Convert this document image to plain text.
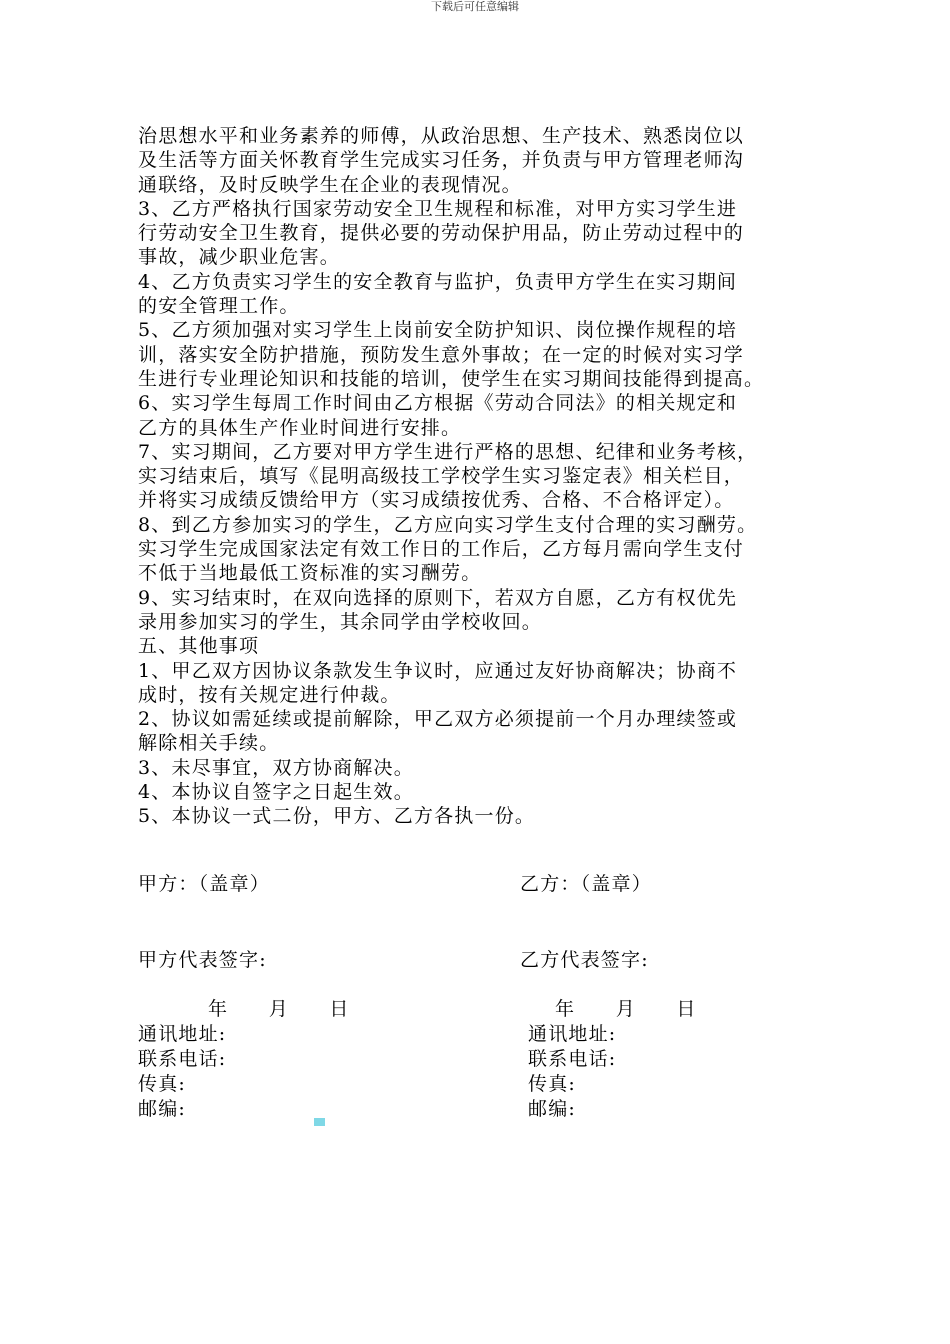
下载后可任意编辑
治思想水平和业务素养的师傅，从政治思想、生产技术、熟悉岗位以
及生活等方面关怀教育学生完成实习任务，并负责与甲方管理老师沟
通联络，及时反映学生在企业的表现情况。
3、乙方严格执行国家劳动安全卫生规程和标准，对甲方实习学生进
行劳动安全卫生教育，提供必要的劳动保护用品，防止劳动过程中的
事故，减少职业危害。
4、乙方负责实习学生的安全教育与监护，负责甲方学生在实习期间
的安全管理工作。
5、乙方须加强对实习学生上岗前安全防护知识、岗位操作规程的培
训，落实安全防护措施，预防发生意外事故；在一定的时候对实习学
生进行专业理论知识和技能的培训，使学生在实习期间技能得到提高。
6、实习学生每周工作时间由乙方根据《劳动合同法》的相关规定和
乙方的具体生产作业时间进行安排。
7、实习期间，乙方要对甲方学生进行严格的思想、纪律和业务考核，
实习结束后，填写《昆明高级技工学校学生实习鉴定表》相关栏目，
并将实习成绩反馈给甲方（实习成绩按优秀、合格、不合格评定）。
8、到乙方参加实习的学生，乙方应向实习学生支付合理的实习酬劳。
实习学生完成国家法定有效工作日的工作后，乙方每月需向学生支付
不低于当地最低工资标准的实习酬劳。
9、实习结束时，在双向选择的原则下，若双方自愿，乙方有权优先
录用参加实习的学生，其余同学由学校收回。
五、其他事项
1、甲乙双方因协议条款发生争议时，应通过友好协商解决；协商不
成时，按有关规定进行仲裁。
2、协议如需延续或提前解除，甲乙双方必须提前一个月办理续签或
解除相关手续。
3、未尽事宜，双方协商解决。
4、本协议自签字之日起生效。
5、本协议一式二份，甲方、乙方各执一份。
甲方：（盖章）
甲方代表签字:
年 月 日
通讯地址:
联系电话:
传真:
邮编:
乙方：（盖章）
乙方代表签字:
年 月 日
通讯地址:
联系电话:
传真:
邮编:
